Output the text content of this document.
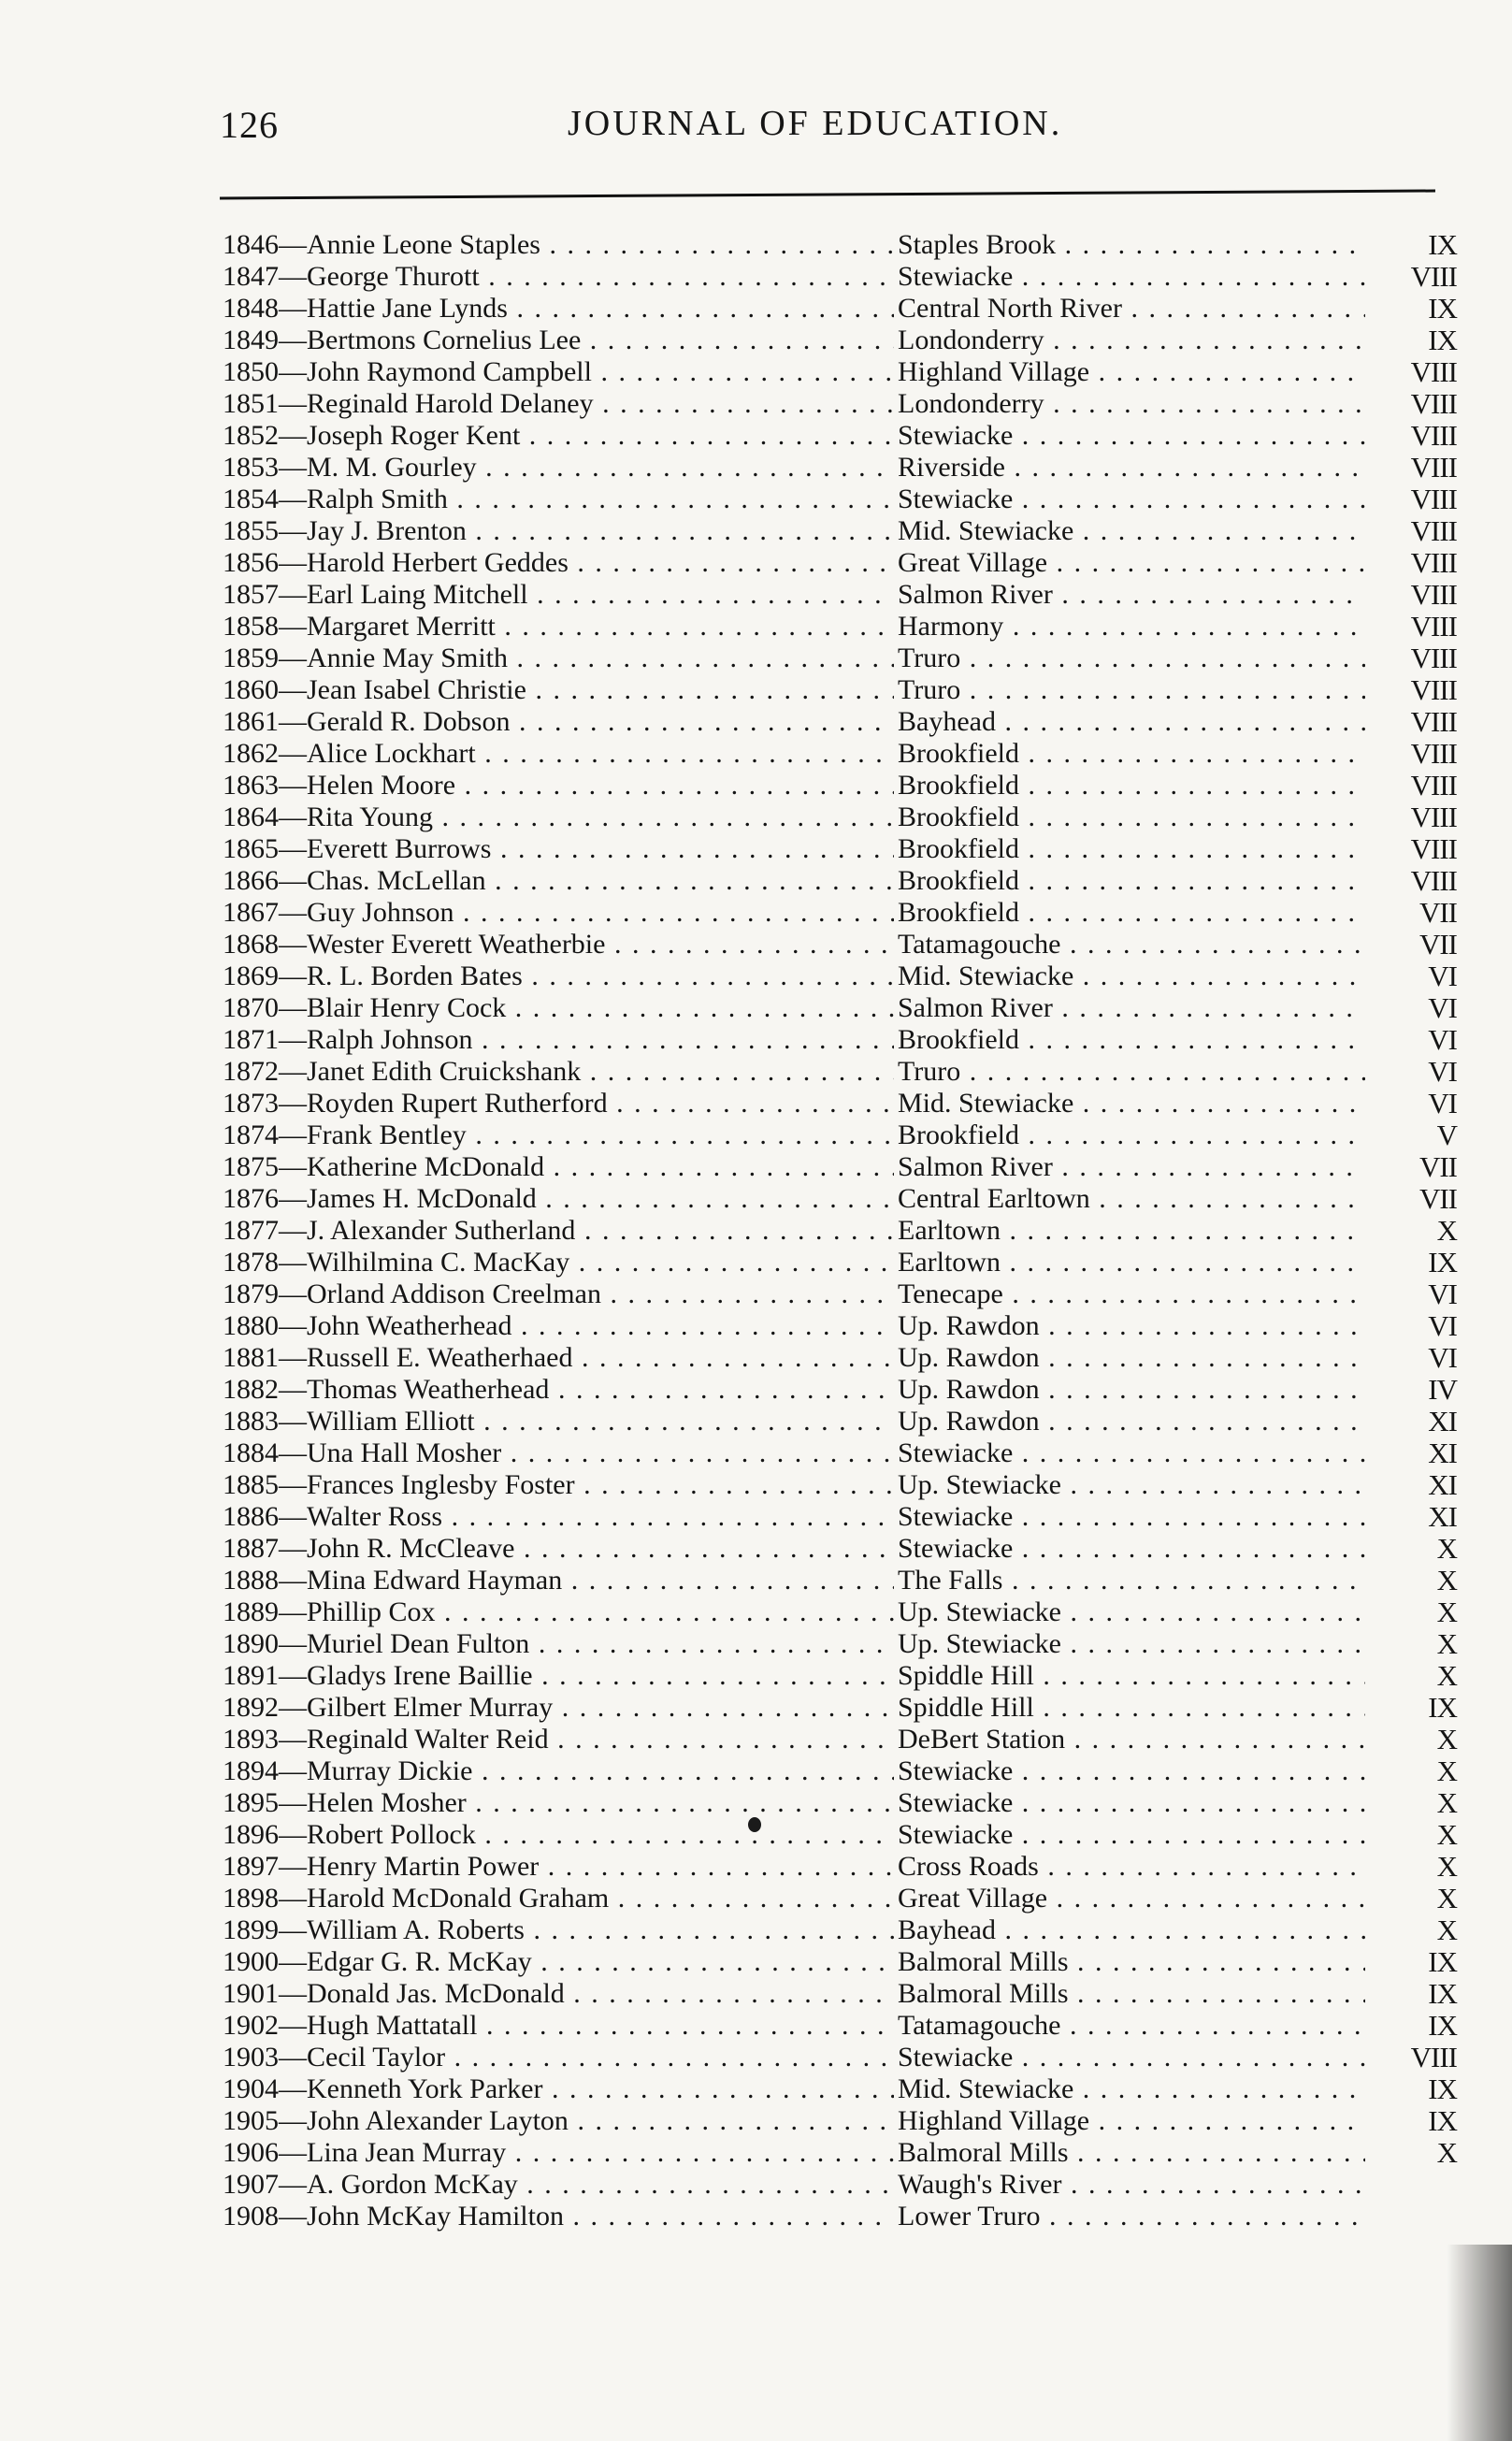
126	JOURNAL OF EDUCATION.
1846—Annie Leone Staples . . .	Staples Brook . . .	IX
1847—George Thurott . . .	Stewiacke . . .	VIII
1848—Hattie Jane Lynds . . .	Central North River . . .	IX
1849—Bertmons Cornelius Lee . . .	Londonderry . . .	IX
1850—John Raymond Campbell . . .	Highland Village . . .	VIII
1851—Reginald Harold Delaney . . .	Londonderry . . .	VIII
1852—Joseph Roger Kent . . .	Stewiacke . . .	VIII
1853—M. M. Gourley . . .	Riverside . . .	VIII
1854—Ralph Smith . . .	Stewiacke . . .	VIII
1855—Jay J. Brenton . . .	Mid. Stewiacke . . .	VIII
1856—Harold Herbert Geddes . . .	Great Village . . .	VIII
1857—Earl Laing Mitchell . . .	Salmon River . . .	VIII
1858—Margaret Merritt . . .	Harmony . . .	VIII
1859—Annie May Smith . . .	Truro . . .	VIII
1860—Jean Isabel Christie . . .	Truro . . .	VIII
1861—Gerald R. Dobson . . .	Bayhead . . .	VIII
1862—Alice Lockhart . . .	Brookfield . . .	VIII
1863—Helen Moore . . .	Brookfield . . .	VIII
1864—Rita Young . . .	Brookfield . . .	VIII
1865—Everett Burrows . . .	Brookfield . . .	VIII
1866—Chas. McLellan . . .	Brookfield . . .	VIII
1867—Guy Johnson . . .	Brookfield . . .	VII
1868—Wester Everett Weatherbie . . .	Tatamagouche . . .	VII
1869—R. L. Borden Bates . . .	Mid. Stewiacke . . .	VI
1870—Blair Henry Cock . . .	Salmon River . . .	VI
1871—Ralph Johnson . . .	Brookfield . . .	VI
1872—Janet Edith Cruickshank . . .	Truro . . .	VI
1873—Royden Rupert Rutherford . . .	Mid. Stewiacke . . .	VI
1874—Frank Bentley . . .	Brookfield . . .	V
1875—Katherine McDonald . . .	Salmon River . . .	VII
1876—James H. McDonald . . .	Central Earltown . . .	VII
1877—J. Alexander Sutherland . . .	Earltown . . .	X
1878—Wilhilmina C. MacKay . . .	Earltown . . .	IX
1879—Orland Addison Creelman . . .	Tenecape . . .	VI
1880—John Weatherhead . . .	Up. Rawdon . . .	VI
1881—Russell E. Weatherhaed . . .	Up. Rawdon . . .	VI
1882—Thomas Weatherhead . . .	Up. Rawdon . . .	IV
1883—William Elliott . . .	Up. Rawdon . . .	XI
1884—Una Hall Mosher . . .	Stewiacke . . .	XI
1885—Frances Inglesby Foster . . .	Up. Stewiacke . . .	XI
1886—Walter Ross . . .	Stewiacke . . .	XI
1887—John R. McCleave . . .	Stewiacke . . .	X
1888—Mina Edward Hayman . . .	The Falls . . .	X
1889—Phillip Cox . . .	Up. Stewiacke . . .	X
1890—Muriel Dean Fulton . . .	Up. Stewiacke . . .	X
1891—Gladys Irene Baillie . . .	Spiddle Hill . . .	X
1892—Gilbert Elmer Murray . . .	Spiddle Hill . . .	IX
1893—Reginald Walter Reid . . .	DeBert Station . . .	X
1894—Murray Dickie . . .	Stewiacke . . .	X
1895—Helen Mosher . . .	Stewiacke . . .	X
1896—Robert Pollock . . .	Stewiacke . . .	X
1897—Henry Martin Power . . .	Cross Roads . . .	X
1898—Harold McDonald Graham . . .	Great Village . . .	X
1899—William A. Roberts . . .	Bayhead . . .	X
1900—Edgar G. R. McKay . . .	Balmoral Mills . . .	IX
1901—Donald Jas. McDonald . . .	Balmoral Mills . . .	IX
1902—Hugh Mattatall . . .	Tatamagouche . . .	IX
1903—Cecil Taylor . . .	Stewiacke . . .	VIII
1904—Kenneth York Parker . . .	Mid. Stewiacke . . .	IX
1905—John Alexander Layton . . .	Highland Village . . .	IX
1906—Lina Jean Murray . . .	Balmoral Mills . . .	X
1907—A. Gordon McKay . . .	Waugh's River . . .
1908—John McKay Hamilton . . .	Lower Truro . . .
